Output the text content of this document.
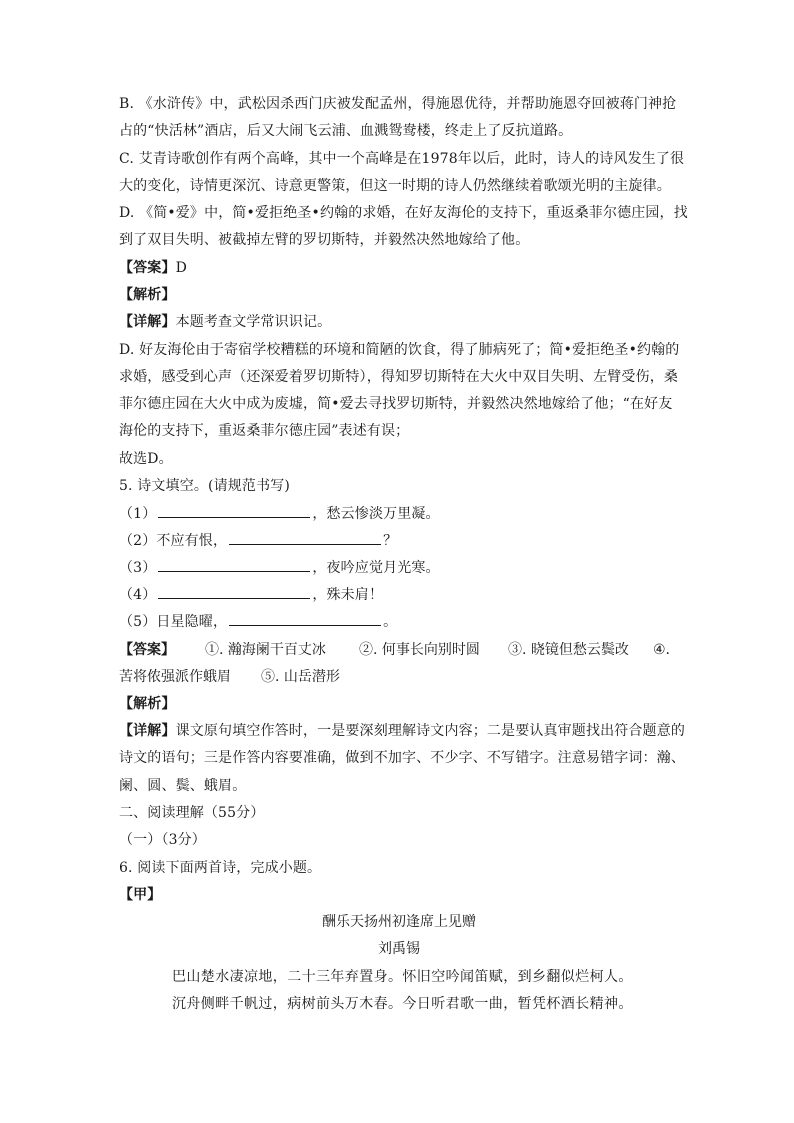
B. 《水浒传》中，武松因杀西门庆被发配孟州，得施恩优待，并帮助施恩夺回被蒋门神抢
占的“快活林”酒店，后又大闹飞云浦、血溅鸳鸯楼，终走上了反抗道路。
C. 艾青诗歌创作有两个高峰，其中一个高峰是在1978年以后，此时，诗人的诗风发生了很
大的变化，诗情更深沉、诗意更警策，但这一时期的诗人仍然继续着歌颂光明的主旋律。
D. 《简•爱》中，简•爱拒绝圣•约翰的求婚，在好友海伦的支持下，重返桑菲尔德庄园，找
到了双目失明、被截掉左臂的罗切斯特，并毅然决然地嫁给了他。
【答案】D
【解析】
【详解】本题考查文学常识识记。
D. 好友海伦由于寄宿学校糟糕的环境和简陋的饮食，得了肺病死了；简•爱拒绝圣•约翰的
求婚，感受到心声（还深爱着罗切斯特），得知罗切斯特在大火中双目失明、左臂受伤，桑
菲尔德庄园在大火中成为废墟，简•爱去寻找罗切斯特，并毅然决然地嫁给了他；“在好友
海伦的支持下，重返桑菲尔德庄园”表述有误；
故选D。
5. 诗文填空。(请规范书写)
（1）	，愁云惨淡万里凝。
（2）不应有恨，	？
（3）	，夜吟应觉月光寒。
（4）	，殊未肩！
（5）日星隐曜，	。
【答案】 ①. 瀚海阑干百丈冰 ②. 何事长向别时圆 ③. 晓镜但愁云鬓改 ④.
苦将侬强派作蛾眉 ⑤. 山岳潜形
【解析】
【详解】课文原句填空作答时，一是要深刻理解诗文内容；二是要认真审题找出符合题意的
诗文的语句；三是作答内容要准确，做到不加字、不少字、不写错字。注意易错字词：瀚、
阑、圆、鬓、蛾眉。
二、阅读理解（55分）
（一）（3分）
6. 阅读下面两首诗，完成小题。
【甲】
酬乐天扬州初逢席上见赠
刘禹锡
巴山楚水凄凉地，二十三年弃置身。怀旧空吟闻笛赋，到乡翻似烂柯人。
沉舟侧畔千帆过，病树前头万木春。今日听君歌一曲，暂凭杯酒长精神。
